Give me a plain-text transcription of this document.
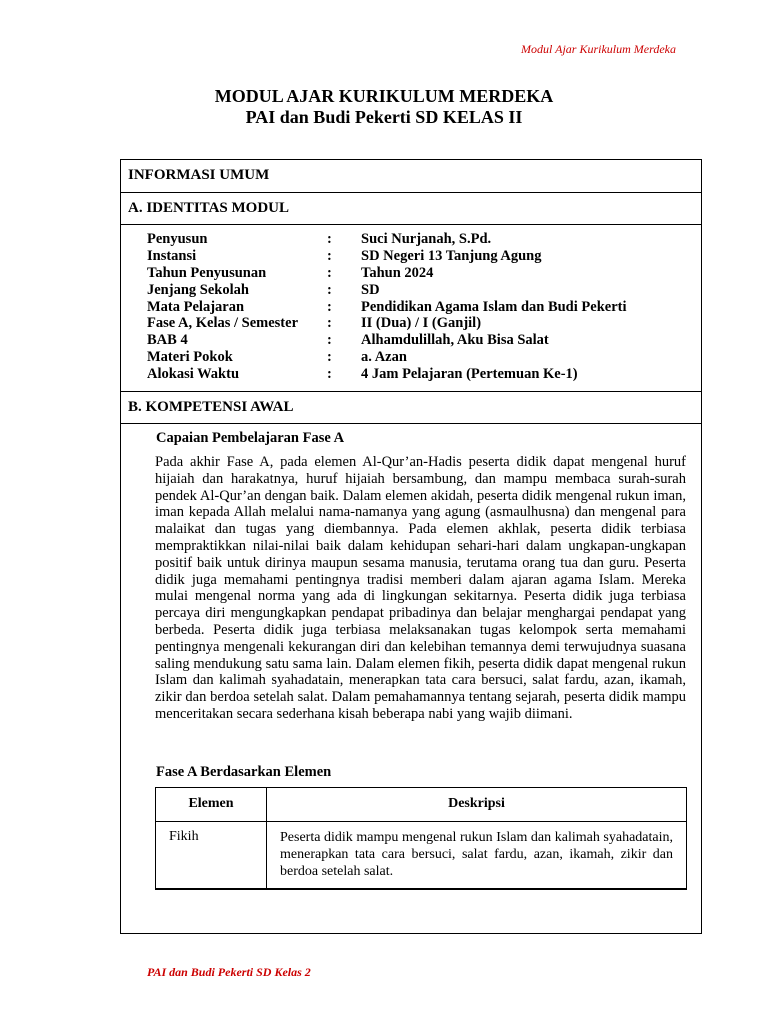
Modul Ajar Kurikulum Merdeka
MODUL AJAR KURIKULUM MERDEKA
PAI dan Budi Pekerti SD KELAS II
INFORMASI UMUM
A. IDENTITAS MODUL
Penyusun	:	Suci Nurjanah, S.Pd.
Instansi	:	SD Negeri 13 Tanjung Agung
Tahun Penyusunan	:	Tahun 2024
Jenjang Sekolah	:	SD
Mata Pelajaran	:	Pendidikan Agama Islam dan Budi Pekerti
Fase A, Kelas / Semester	:	II (Dua) / I (Ganjil)
BAB 4	:	Alhamdulillah, Aku Bisa Salat
Materi Pokok	:	a. Azan
Alokasi Waktu	:	4 Jam Pelajaran (Pertemuan Ke-1)
B. KOMPETENSI AWAL
Capaian Pembelajaran Fase A
Pada akhir Fase A, pada elemen Al-Qur’an-Hadis peserta didik dapat mengenal huruf hijaiah dan harakatnya, huruf hijaiah bersambung, dan mampu membaca surah-surah pendek Al-Qur’an dengan baik. Dalam elemen akidah, peserta didik mengenal rukun iman, iman kepada Allah melalui nama-namanya yang agung (asmaulhusna) dan mengenal para malaikat dan tugas yang diembannya. Pada elemen akhlak, peserta didik terbiasa mempraktikkan nilai-nilai baik dalam kehidupan sehari-hari dalam ungkapan-ungkapan positif baik untuk dirinya maupun sesama manusia, terutama orang tua dan guru. Peserta didik juga memahami pentingnya tradisi memberi dalam ajaran agama Islam. Mereka mulai mengenal norma yang ada di lingkungan sekitarnya. Peserta didik juga terbiasa percaya diri mengungkapkan pendapat pribadinya dan belajar menghargai pendapat yang berbeda. Peserta didik juga terbiasa melaksanakan tugas kelompok serta memahami pentingnya mengenali kekurangan diri dan kelebihan temannya demi terwujudnya suasana saling mendukung satu sama lain. Dalam elemen fikih, peserta didik dapat mengenal rukun Islam dan kalimah syahadatain, menerapkan tata cara bersuci, salat fardu, azan, ikamah, zikir dan berdoa setelah salat. Dalam pemahamannya tentang sejarah, peserta didik mampu menceritakan secara sederhana kisah beberapa nabi yang wajib diimani.
Fase A Berdasarkan Elemen
Elemen	Deskripsi
Fikih	Peserta didik mampu mengenal rukun Islam dan kalimah syahadatain, menerapkan tata cara bersuci, salat fardu, azan, ikamah, zikir dan berdoa setelah salat.
PAI dan Budi Pekerti SD Kelas 2
